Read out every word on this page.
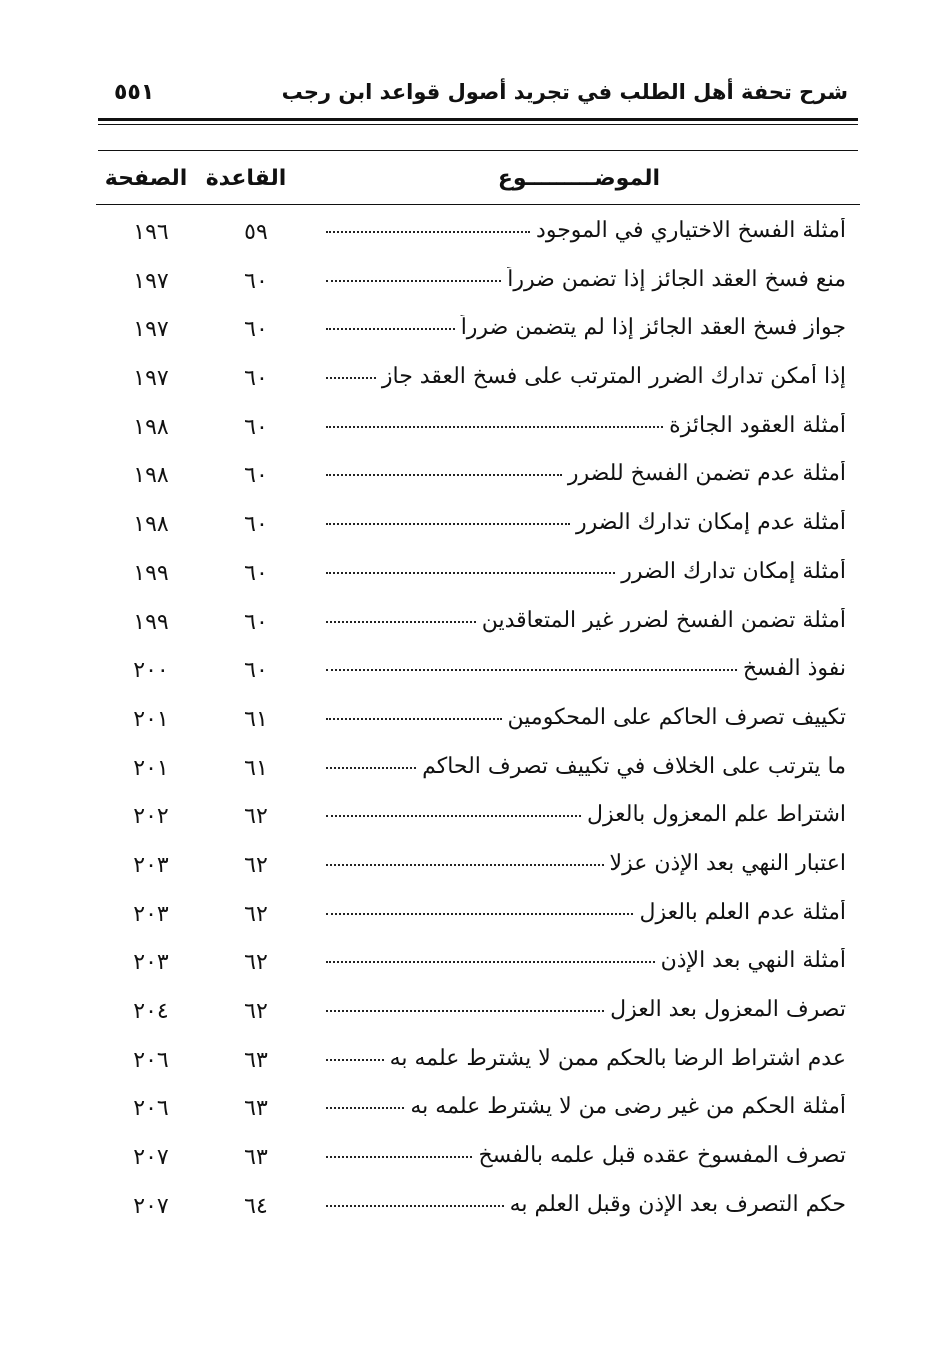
شرح تحفة أهل الطلب في تجريد أصول قواعد ابن رجب
٥٥١
الموضـــــــــوع
القاعدة
الصفحة
أمثلة الفسخ الاختياري في الموجود
٥٩
١٩٦
منع فسخ العقد الجائز إذا تضمن ضرراً
٦٠
١٩٧
جواز فسخ العقد الجائز إذا لم يتضمن ضرراً
٦٠
١٩٧
إذا أمكن تدارك الضرر المترتب على فسخ العقد جاز
٦٠
١٩٧
أمثلة العقود الجائزة
٦٠
١٩٨
أمثلة عدم تضمن الفسخ للضرر
٦٠
١٩٨
أمثلة عدم إمكان تدارك الضرر
٦٠
١٩٨
أمثلة إمكان تدارك الضرر
٦٠
١٩٩
أمثلة تضمن الفسخ لضرر غير المتعاقدين
٦٠
١٩٩
نفوذ الفسخ
٦٠
٢٠٠
تكييف تصرف الحاكم على المحكومين
٦١
٢٠١
ما يترتب على الخلاف في تكييف تصرف الحاكم
٦١
٢٠١
اشتراط علم المعزول بالعزل
٦٢
٢٠٢
اعتبار النهي بعد الإذن عزلا
٦٢
٢٠٣
أمثلة عدم العلم بالعزل
٦٢
٢٠٣
أمثلة النهي بعد الإذن
٦٢
٢٠٣
تصرف المعزول بعد العزل
٦٢
٢٠٤
عدم اشتراط الرضا بالحكم ممن لا يشترط علمه به
٦٣
٢٠٦
أمثلة الحكم من غير رضى من لا يشترط علمه به
٦٣
٢٠٦
تصرف المفسوخ عقده قبل علمه بالفسخ
٦٣
٢٠٧
حكم التصرف بعد الإذن وقبل العلم به
٦٤
٢٠٧
